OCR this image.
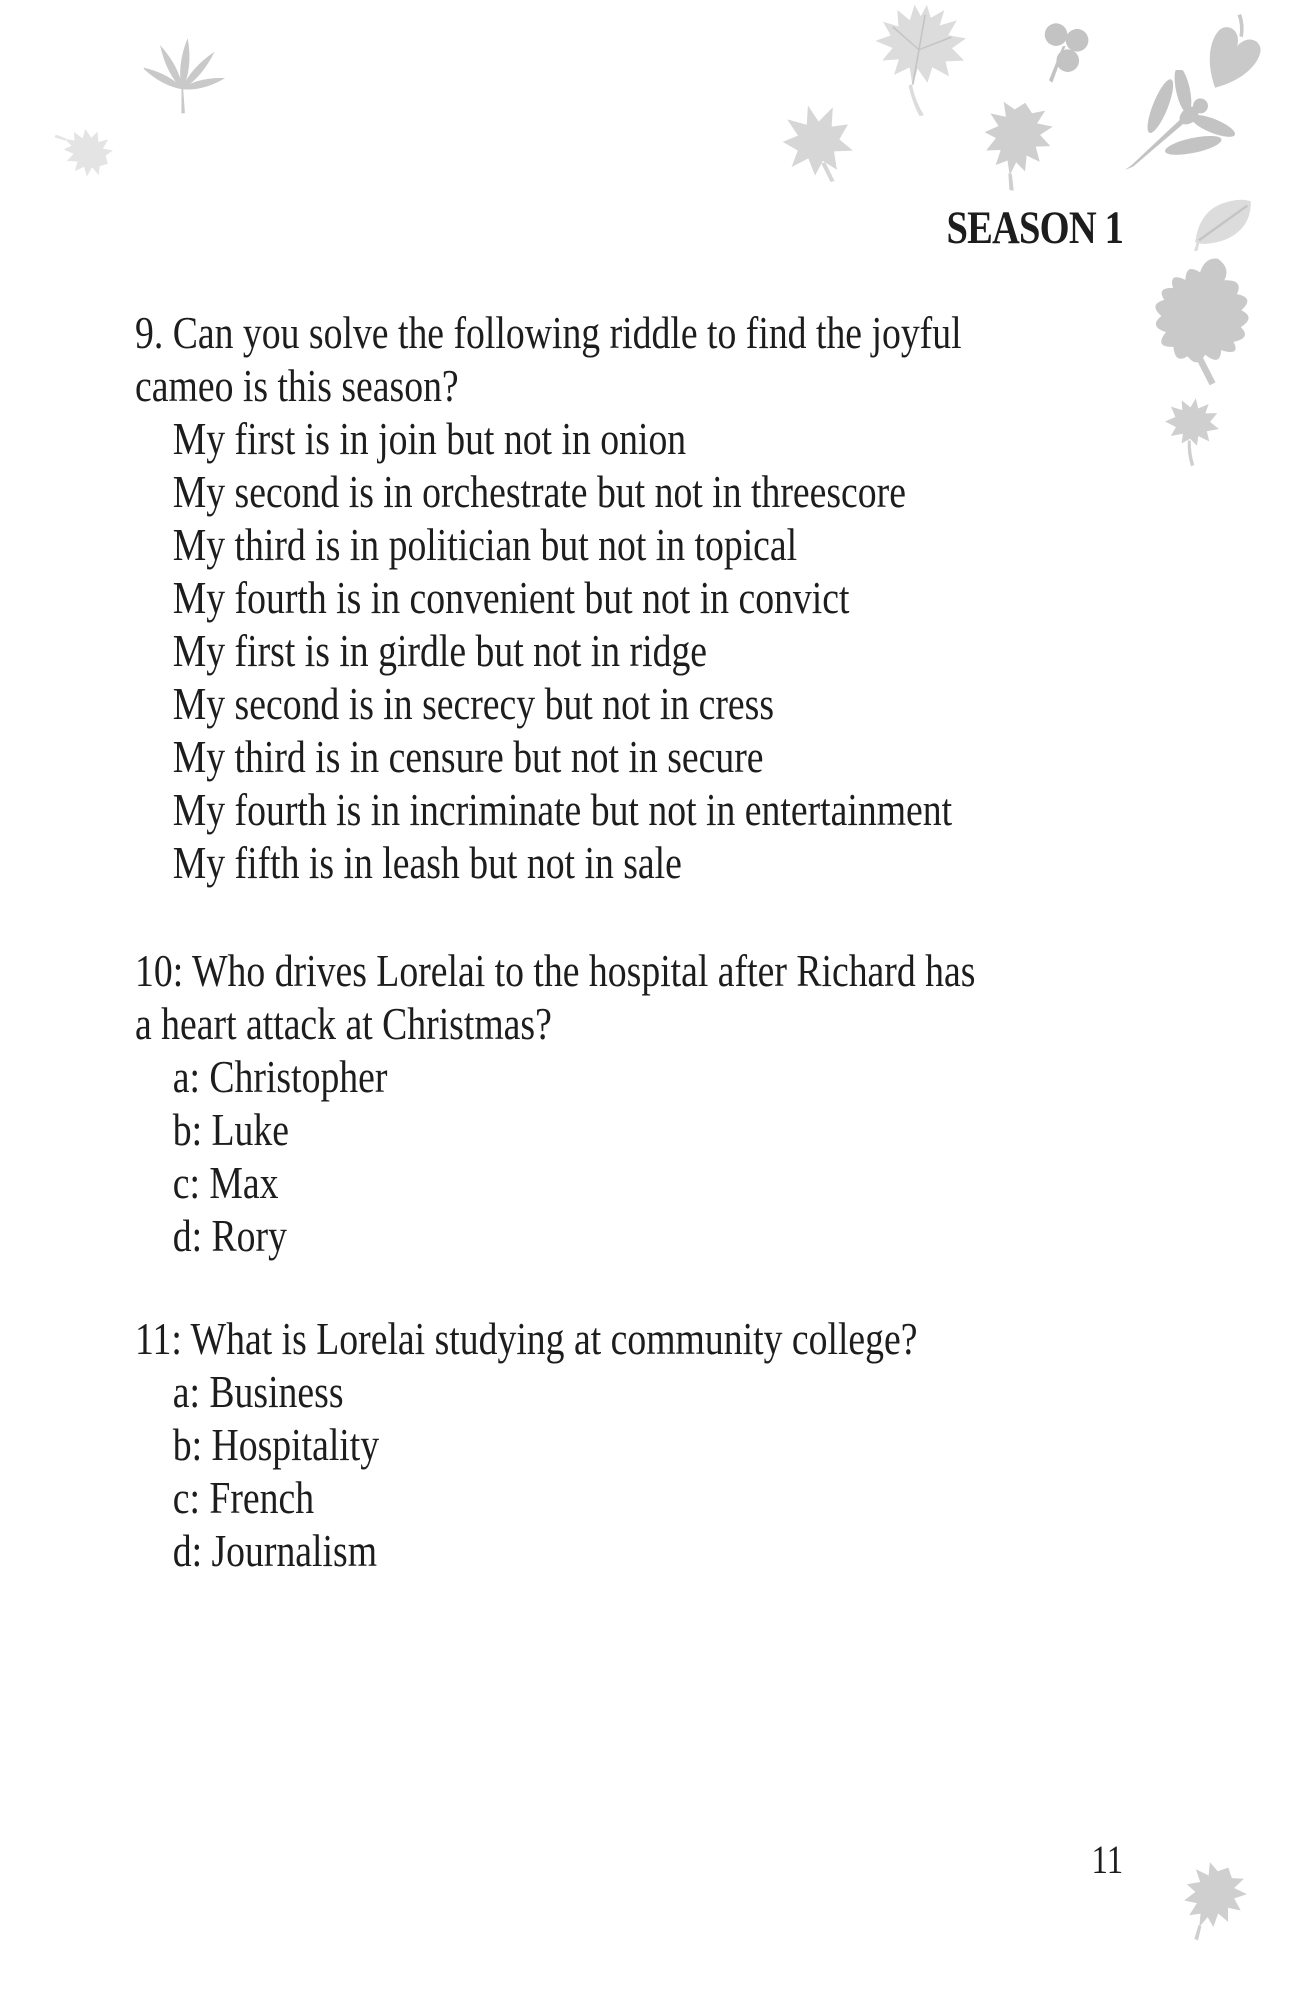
SEASON 1
9. Can you solve the following riddle to find the joyful
cameo is this season?
My first is in join but not in onion
My second is in orchestrate but not in threescore
My third is in politician but not in topical
My fourth is in convenient but not in convict
My first is in girdle but not in ridge
My second is in secrecy but not in cress
My third is in censure but not in secure
My fourth is in incriminate but not in entertainment
My fifth is in leash but not in sale
10: Who drives Lorelai to the hospital after Richard has
a heart attack at Christmas?
a: Christopher
b: Luke
c: Max
d: Rory
11: What is Lorelai studying at community college?
a: Business
b: Hospitality
c: French
d: Journalism
11
